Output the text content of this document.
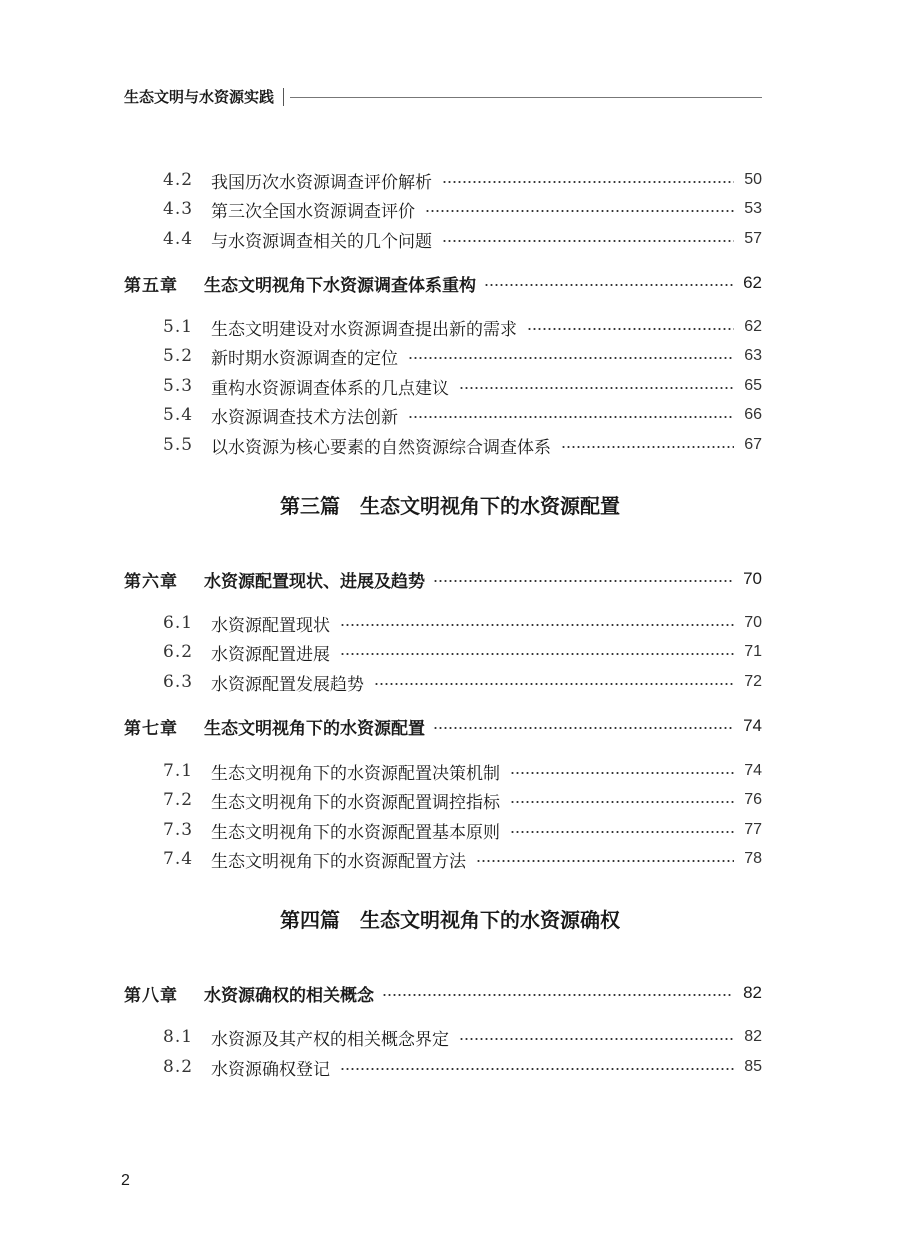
生态文明与水资源实践
4.2	我国历次水资源调查评价解析	50
4.3	第三次全国水资源调查评价	53
4.4	与水资源调查相关的几个问题	57
第五章	生态文明视角下水资源调查体系重构	62
5.1	生态文明建设对水资源调查提出新的需求	62
5.2	新时期水资源调查的定位	63
5.3	重构水资源调查体系的几点建议	65
5.4	水资源调查技术方法创新	66
5.5	以水资源为核心要素的自然资源综合调查体系	67
第三篇　生态文明视角下的水资源配置
第六章	水资源配置现状、进展及趋势	70
6.1	水资源配置现状	70
6.2	水资源配置进展	71
6.3	水资源配置发展趋势	72
第七章	生态文明视角下的水资源配置	74
7.1	生态文明视角下的水资源配置决策机制	74
7.2	生态文明视角下的水资源配置调控指标	76
7.3	生态文明视角下的水资源配置基本原则	77
7.4	生态文明视角下的水资源配置方法	78
第四篇　生态文明视角下的水资源确权
第八章	水资源确权的相关概念	82
8.1	水资源及其产权的相关概念界定	82
8.2	水资源确权登记	85
2
